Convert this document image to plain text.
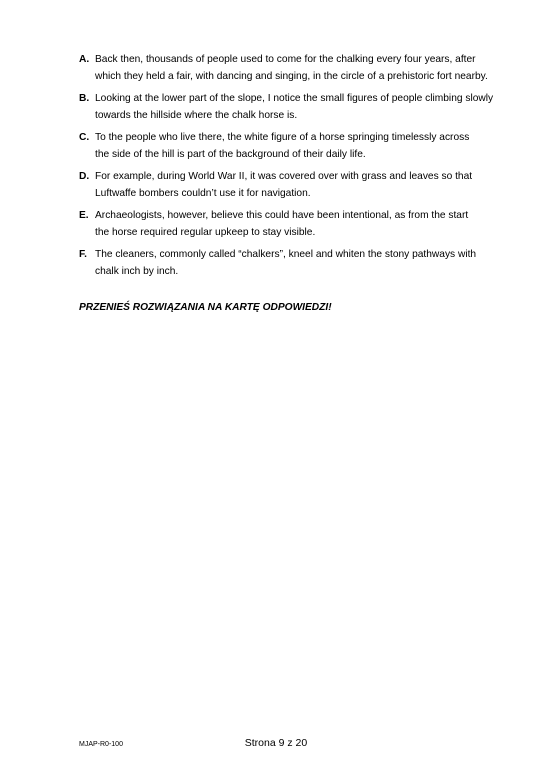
A. Back then, thousands of people used to come for the chalking every four years, after
which they held a fair, with dancing and singing, in the circle of a prehistoric fort nearby.
B. Looking at the lower part of the slope, I notice the small figures of people climbing slowly
towards the hillside where the chalk horse is.
C. To the people who live there, the white figure of a horse springing timelessly across
the side of the hill is part of the background of their daily life.
D. For example, during World War II, it was covered over with grass and leaves so that
Luftwaffe bombers couldn’t use it for navigation.
E. Archaeologists, however, believe this could have been intentional, as from the start
the horse required regular upkeep to stay visible.
F. The cleaners, commonly called “chalkers”, kneel and whiten the stony pathways with
chalk inch by inch.

PRZENIEŚ ROZWIĄZANIA NA KARTĘ ODPOWIEDZI!

MJAP-R0-100	Strona 9 z 20
